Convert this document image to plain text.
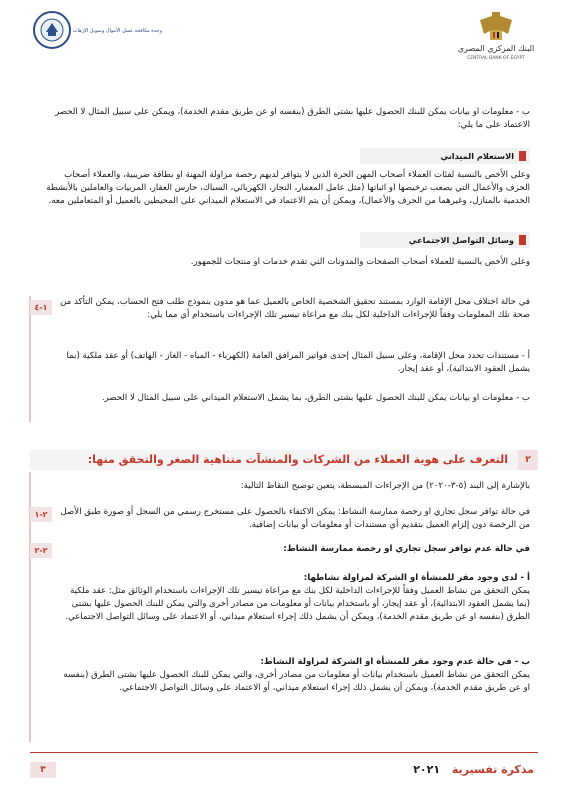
البنك المركزي المصري
CENTRAL BANK OF EGYPT
وحدة مكافحة غسل الأموال وتمويل الإرهاب
ب - معلومات او بيانات يمكن للبنك الحصول عليها بشتى الطرق (بنفسه او عن طريق مقدم الخدمة)، ويمكن على سبيل المثال لا الحصر الاعتماد على ما يلي:
الاستعلام الميداني
وعلى الأخص بالنسبة لفئات العملاء أصحاب المهن الحرة الذين لا يتوافر لديهم رخصة مزاولة المهنة او بطاقة ضريبية، والعملاء أصحاب الحرف والأعمال التي يصعب ترخيصها او اثباتها (مثل عامل المعمار، النجار، الكهربائي، السباك، حارس العقار، المربيات والعاملين بالأنشطة الخدمية بالمنازل، وغيرهما من الحرف والأعمال)، ويمكن أن يتم الاعتماد في الاستعلام الميداني على المحيطين بالعميل أو المتعاملين معه.
وسائل التواصل الاجتماعي
وعلى الأخص بالنسبة للعملاء أصحاب الصفحات والمدونات التي تقدم خدمات او منتجات للجمهور.
١-٤
في حالة اختلاف محل الإقامة الوارد بمستند تحقيق الشخصية الخاص بالعميل عما هو مدون بنموذج طلب فتح الحساب، يمكن التأكد من صحة تلك المعلومات وفقاً للإجراءات الداخلية لكل بنك مع مراعاة تيسير تلك الإجراءات باستخدام أي مما يلي:
أ - مستندات تحدد محل الإقامة، وعلى سبيل المثال إحدى فواتير المرافق العامة (الكهرباء - المياه - الغاز - الهاتف) أو عقد ملكية (بما يشمل العقود الابتدائية)، أو عقد إيجار.
ب - معلومات او بيانات يمكن للبنك الحصول عليها بشتى الطرق، بما يشمل الاستعلام الميداني على سبيل المثال لا الحصر.
٢
التعرف على هوية العملاء من الشركات والمنشآت متناهية الصغر والتحقق منها:
بالإشارة إلى البند (٥-٣-٢٠٢٠) من الإجراءات المبسطة، يتعين توضيح النقاط التالية:
٢-١	في حالة توافر سجل تجاري او رخصة ممارسة النشاط: يمكن الاكتفاء بالحصول على مستخرج رسمي من السجل أو صورة طبق الأصل من الرخصة دون إلزام العميل بتقديم أي مستندات أو معلومات أو بيانات إضافية.
٢-٢	في حالة عدم توافر سجل تجاري او رخصة ممارسة النشاط:
أ - لدى وجود مقر للمنشأة او الشركة لمزاولة نشاطها:
يمكن التحقق من نشاط العميل وفقاً للإجراءات الداخلية لكل بنك مع مراعاة تيسير تلك الإجراءات باستخدام الوثائق مثل: عقد ملكية (بما يشمل العقود الابتدائية)، أو عقد إيجار، أو باستخدام بيانات أو معلومات من مصادر أخرى والتي يمكن للبنك الحصول عليها بشتى الطرق (بنفسه او عن طريق مقدم الخدمة)، ويمكن أن يشمل ذلك إجراء استعلام ميداني، أو الاعتماد على وسائل التواصل الاجتماعي.
ب - في حالة عدم وجود مقر للمنشأة او الشركة لمزاولة النشاط:
يمكن التحقق من نشاط العميل باستخدام بيانات أو معلومات من مصادر أخرى، والتي يمكن للبنك الحصول عليها بشتى الطرق (بنفسه او عن طريق مقدم الخدمة)، ويمكن أن يشمل ذلك إجراء استعلام ميداني، أو الاعتماد على وسائل التواصل الاجتماعي.
مذكرة تفسيرية ٢٠٢١
٣
